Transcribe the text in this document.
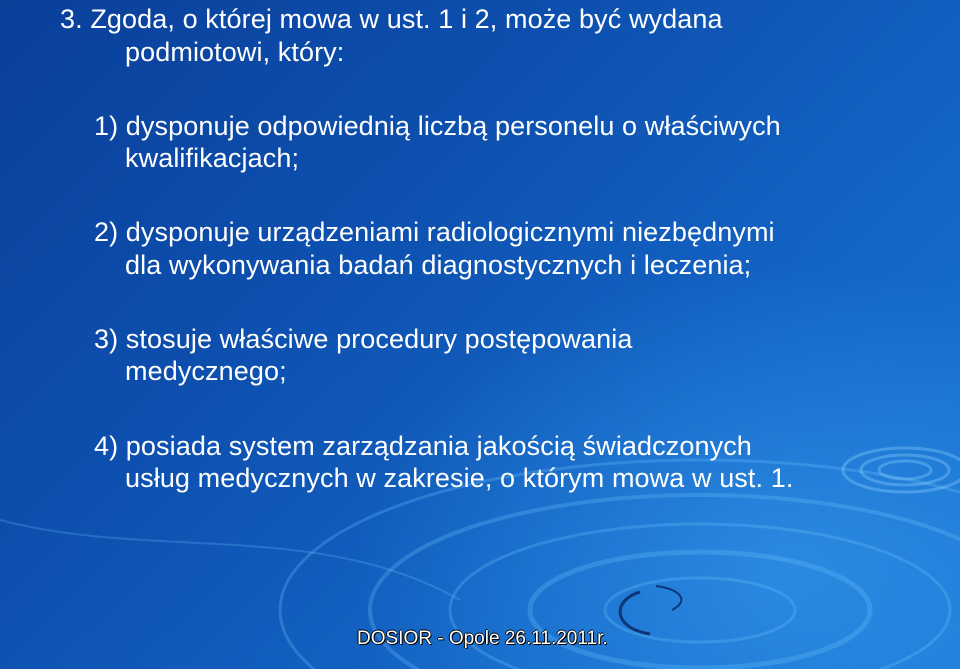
3. Zgoda, o której mowa w ust. 1 i 2, może być wydana
podmiotowi, który:
1) dysponuje odpowiednią liczbą personelu o właściwych
kwalifikacjach;
2) dysponuje urządzeniami radiologicznymi niezbędnymi
dla wykonywania badań diagnostycznych i leczenia;
3) stosuje właściwe procedury postępowania
medycznego;
4) posiada system zarządzania jakością świadczonych
usług medycznych w zakresie, o którym mowa w ust. 1.
DOSIOR - Opole 26.11.2011r.
